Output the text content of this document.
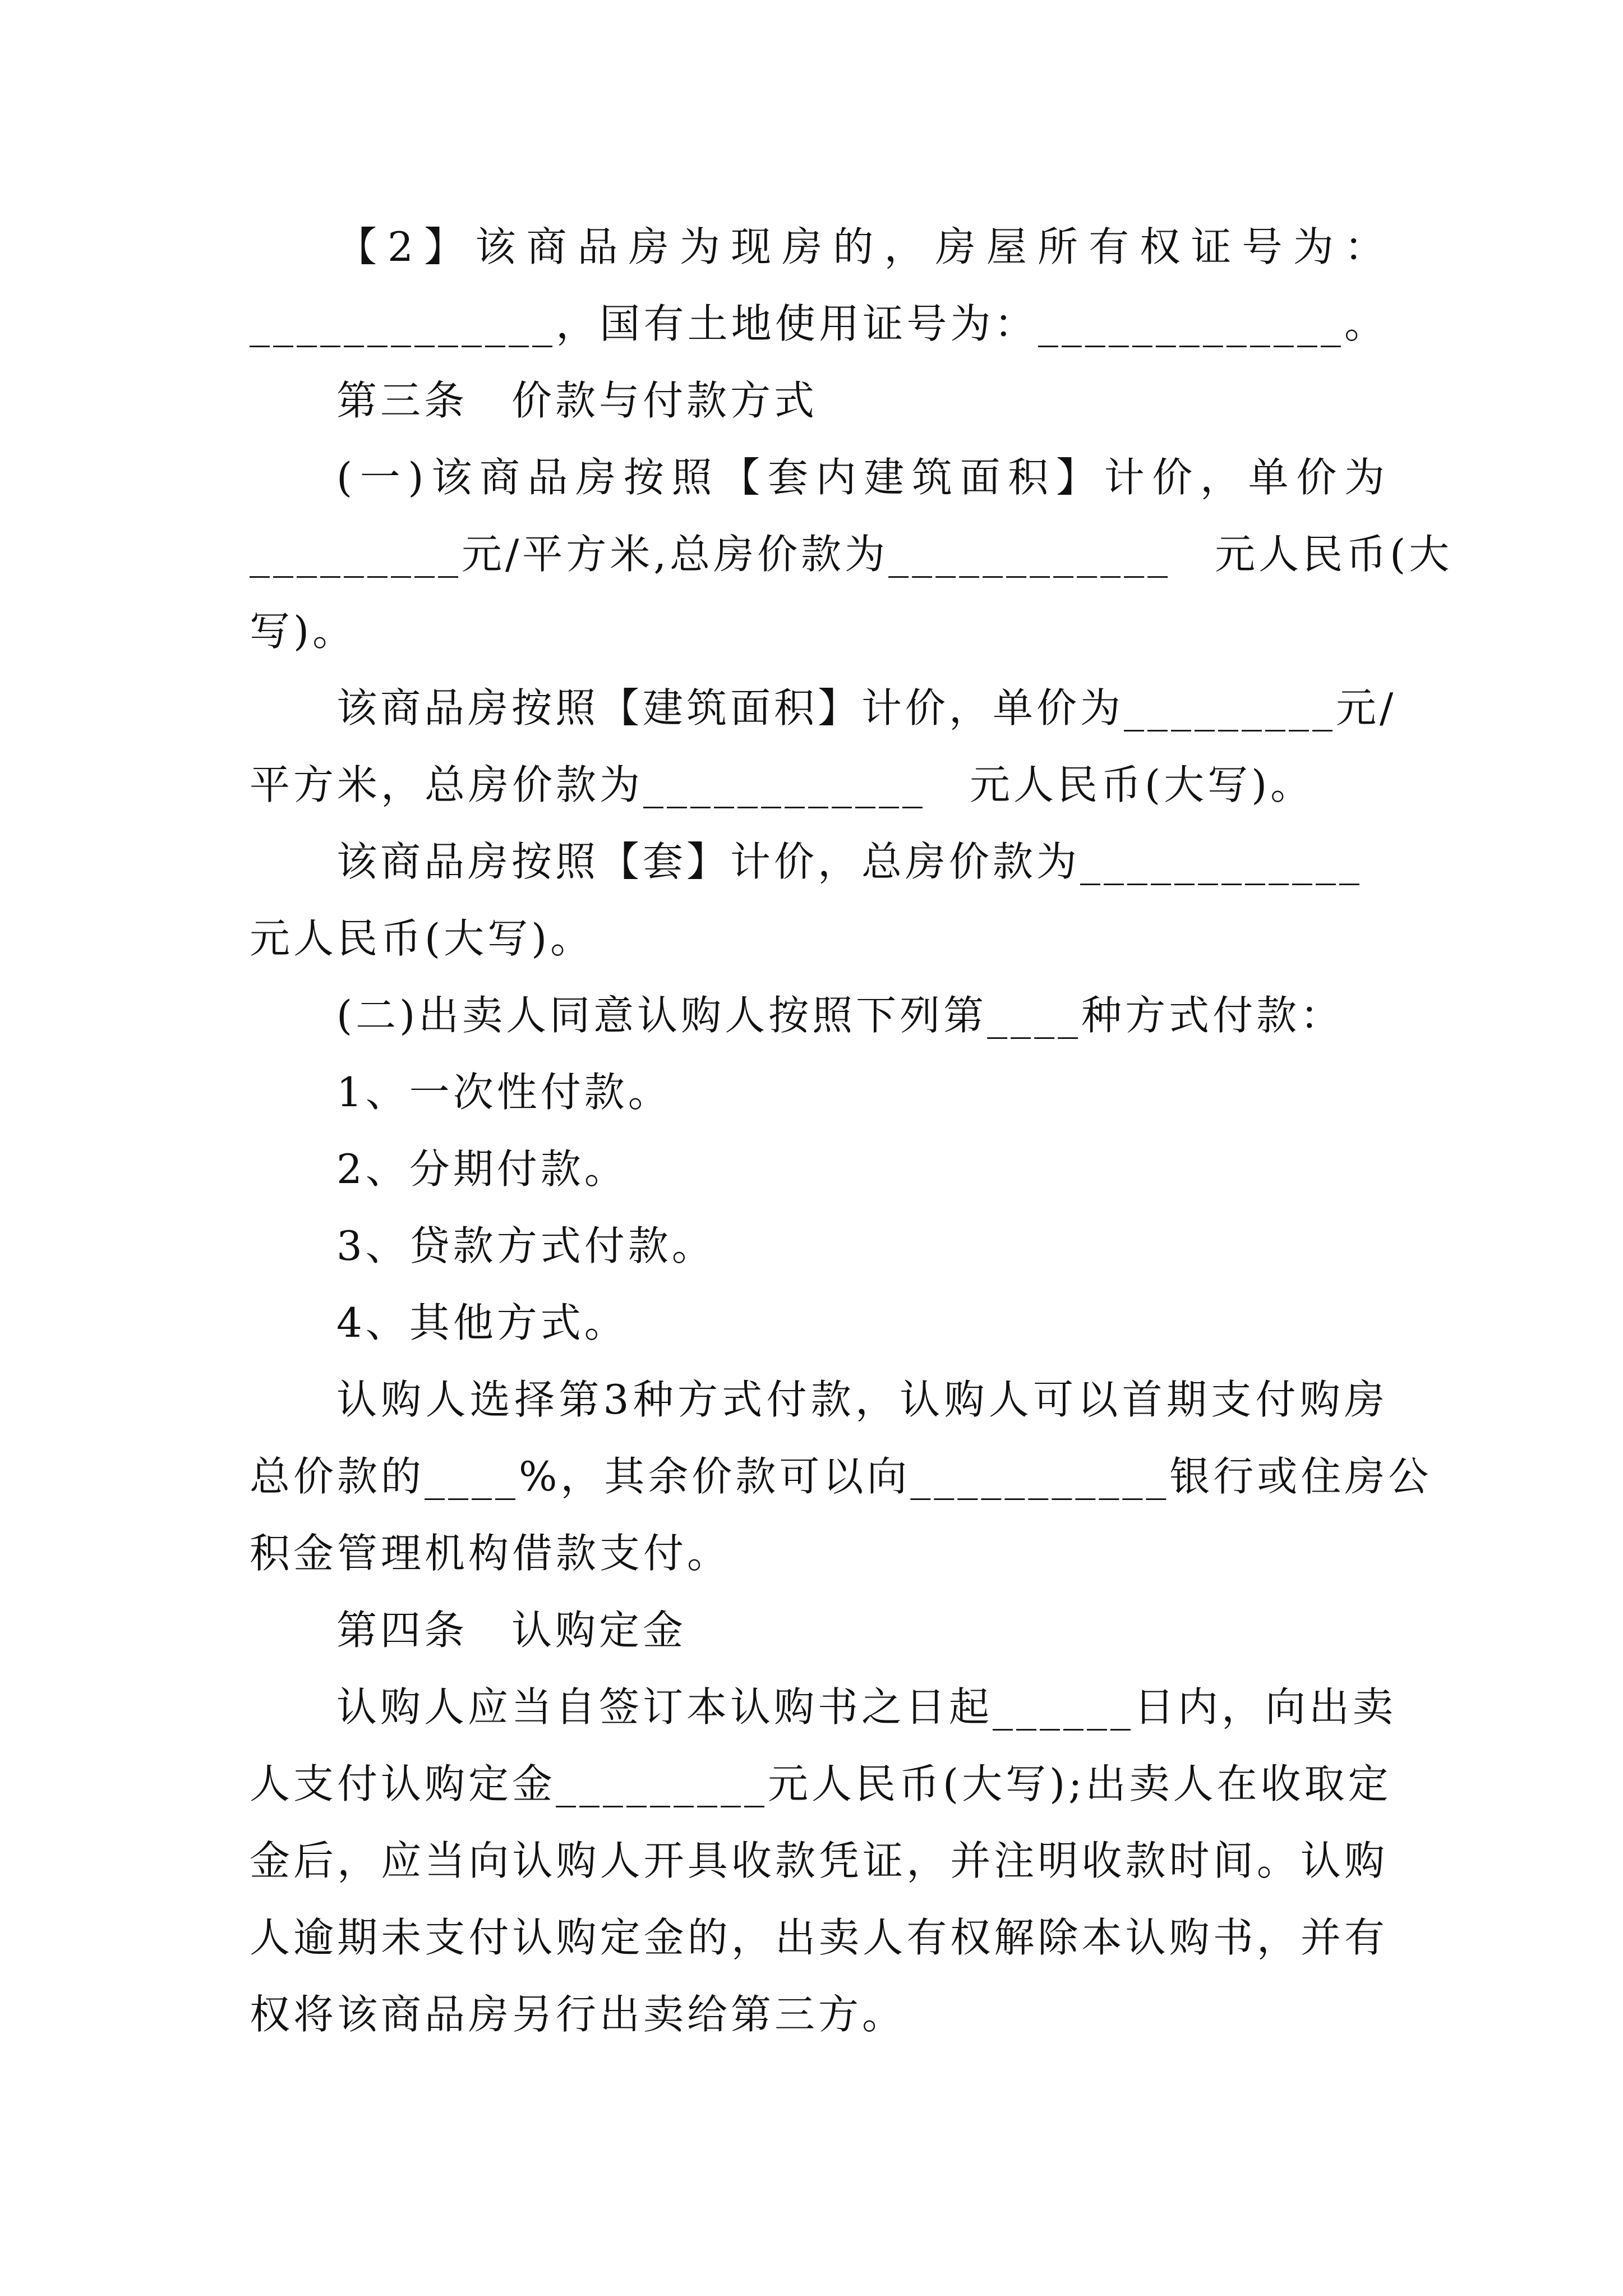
【2】该商品房为现房的，房屋所有权证号为：
_____________，国有土地使用证号为：_____________。
第三条　价款与付款方式
(一)该商品房按照【套内建筑面积】计价，单价为
_________元/平方米,总房价款为____________　元人民币(大
写)。
该商品房按照【建筑面积】计价，单价为_________元/
平方米，总房价款为____________　元人民币(大写)。
该商品房按照【套】计价，总房价款为____________
元人民币(大写)。
(二)出卖人同意认购人按照下列第____种方式付款：
1、一次性付款。
2、分期付款。
3、贷款方式付款。
4、其他方式。
认购人选择第3种方式付款，认购人可以首期支付购房
总价款的____%，其余价款可以向___________银行或住房公
积金管理机构借款支付。
第四条　认购定金
认购人应当自签订本认购书之日起______日内，向出卖
人支付认购定金_________元人民币(大写);出卖人在收取定
金后，应当向认购人开具收款凭证，并注明收款时间。认购
人逾期未支付认购定金的，出卖人有权解除本认购书，并有
权将该商品房另行出卖给第三方。
